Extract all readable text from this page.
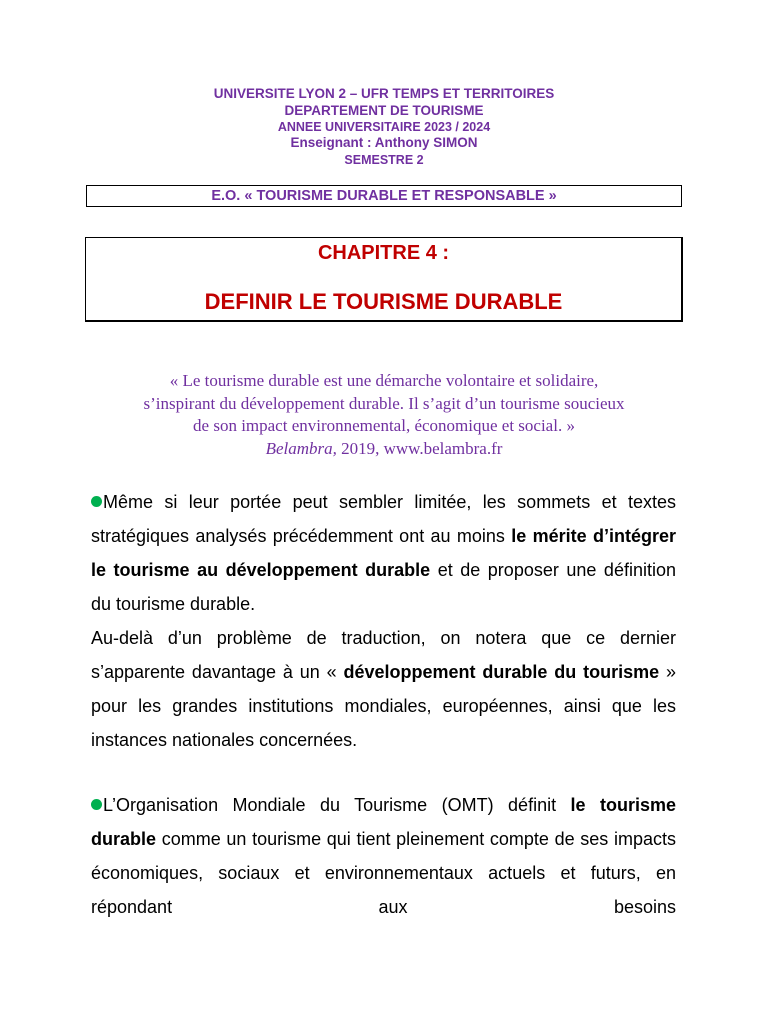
UNIVERSITE LYON 2 – UFR TEMPS ET TERRITOIRES
DEPARTEMENT DE TOURISME
ANNEE UNIVERSITAIRE 2023 / 2024
Enseignant : Anthony SIMON
SEMESTRE 2
E.O. « TOURISME DURABLE ET RESPONSABLE »
CHAPITRE 4 :
DEFINIR LE TOURISME DURABLE
« Le tourisme durable est une démarche volontaire et solidaire,
s’inspirant du développement durable. Il s’agit d’un tourisme soucieux
de son impact environnemental, économique et social. »
Belambra, 2019, www.belambra.fr

Même si leur portée peut sembler limitée, les sommets et textes stratégiques analysés précédemment ont au moins le mérite d’intégrer le tourisme au développement durable et de proposer une définition du tourisme durable.

Au-delà d’un problème de traduction, on notera que ce dernier s’apparente davantage à un « développement durable du tourisme » pour les grandes institutions mondiales, européennes, ainsi que les instances nationales concernées.

L’Organisation Mondiale du Tourisme (OMT) définit le tourisme durable comme un tourisme qui tient pleinement compte de ses impacts économiques, sociaux et environnementaux actuels et futurs, en répondant aux besoins
